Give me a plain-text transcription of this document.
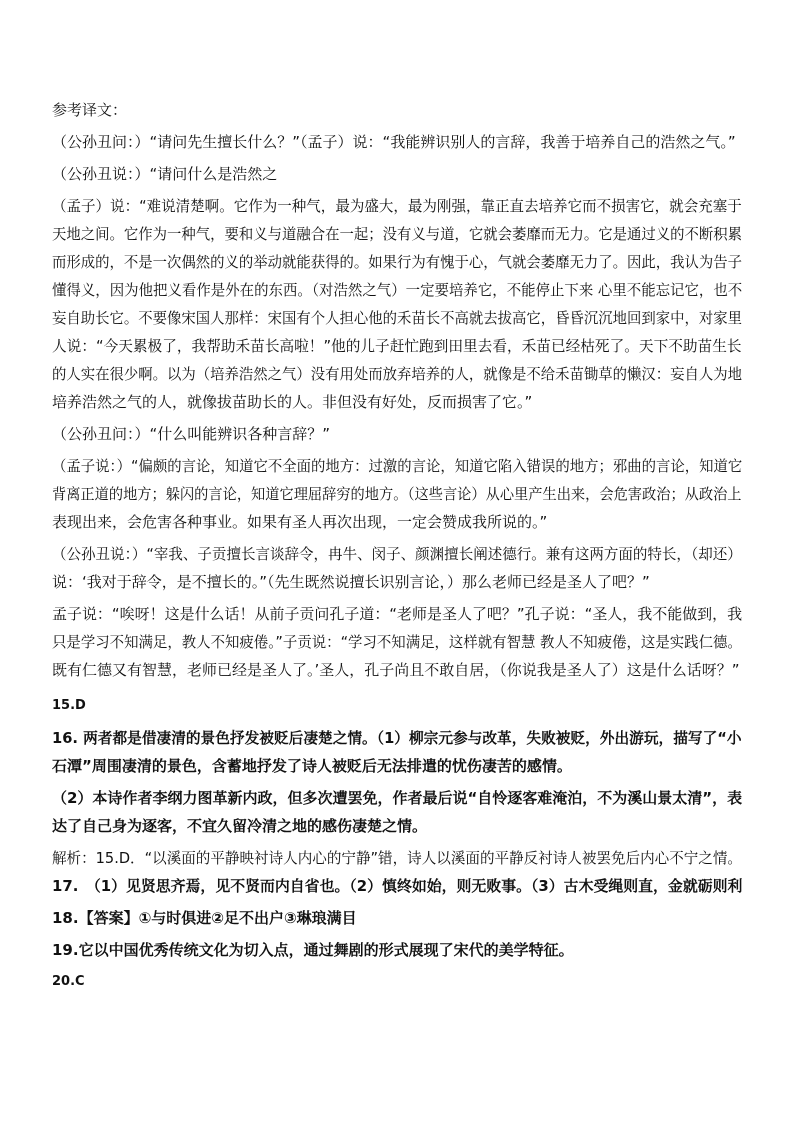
参考译文：
（公孙丑问：）“请问先生擅长什么？”（孟子）说：“我能辨识别人的言辞，我善于培养自己的浩然之气。”
（公孙丑说：）“请问什么是浩然之
（孟子）说：“难说清楚啊。它作为一种气，最为盛大，最为刚强，靠正直去培养它而不损害它，就会充塞于
天地之间。它作为一种气，要和义与道融合在一起；没有义与道，它就会萎靡而无力。它是通过义的不断积累
而形成的，不是一次偶然的义的举动就能获得的。如果行为有愧于心，气就会萎靡无力了。因此，我认为告子
懂得义，因为他把义看作是外在的东西。（对浩然之气）一定要培养它，不能停止下来 心里不能忘记它，也不
妄自助长它。不要像宋国人那样：宋国有个人担心他的禾苗长不高就去拔高它，昏昏沉沉地回到家中，对家里
人说：“今天累极了，我帮助禾苗长高啦！”他的儿子赶忙跑到田里去看，禾苗已经枯死了。天下不助苗生长
的人实在很少啊。以为（培养浩然之气）没有用处而放弃培养的人，就像是不给禾苗锄草的懒汉：妄自人为地
培养浩然之气的人，就像拔苗助长的人。非但没有好处，反而损害了它。”
（公孙丑问：）“什么叫能辨识各种言辞？”
（孟子说：）“偏颇的言论，知道它不全面的地方：过激的言论，知道它陷入错误的地方；邪曲的言论，知道它
背离正道的地方；躲闪的言论，知道它理屈辞穷的地方。（这些言论）从心里产生出来，会危害政治；从政治上
表现出来，会危害各种事业。如果有圣人再次出现，一定会赞成我所说的。”
（公孙丑说：）“宰我、子贡擅长言谈辞令，冉牛、闵子、颜渊擅长阐述德行。兼有这两方面的特长，（却还）
说：‘我对于辞令，是不擅长的。”（先生既然说擅长识别言论，）那么老师已经是圣人了吧？”
孟子说：“唉呀！这是什么话！从前子贡问孔子道：“老师是圣人了吧？”孔子说：“圣人，我不能做到，我
只是学习不知满足，教人不知疲倦。”子贡说：“学习不知满足，这样就有智慧 教人不知疲倦，这是实践仁德。
既有仁德又有智慧，老师已经是圣人了。’圣人，孔子尚且不敢自居，（你说我是圣人了）这是什么话呀？”
15.D
16. 两者都是借凄清的景色抒发被贬后凄楚之情。（1）柳宗元参与改革，失败被贬，外出游玩，描写了“小
石潭”周围凄清的景色，含蓄地抒发了诗人被贬后无法排遣的忧伤凄苦的感情。
（2）本诗作者李纲力图革新内政，但多次遭罢免，作者最后说“自怜逐客难淹泊，不为溪山景太清”，表
达了自己身为逐客，不宜久留冷清之地的感伤凄楚之情。
解析：15.D．“以溪面的平静映衬诗人内心的宁静”错，诗人以溪面的平静反衬诗人被罢免后内心不宁之情。
17.　（1）见贤思齐焉，见不贤而内自省也。（2）慎终如始，则无败事。（3）古木受绳则直，金就砺则利
18.【答案】①与时俱进②足不出户③琳琅满目
19.它以中国优秀传统文化为切入点，通过舞剧的形式展现了宋代的美学特征。
20.C
